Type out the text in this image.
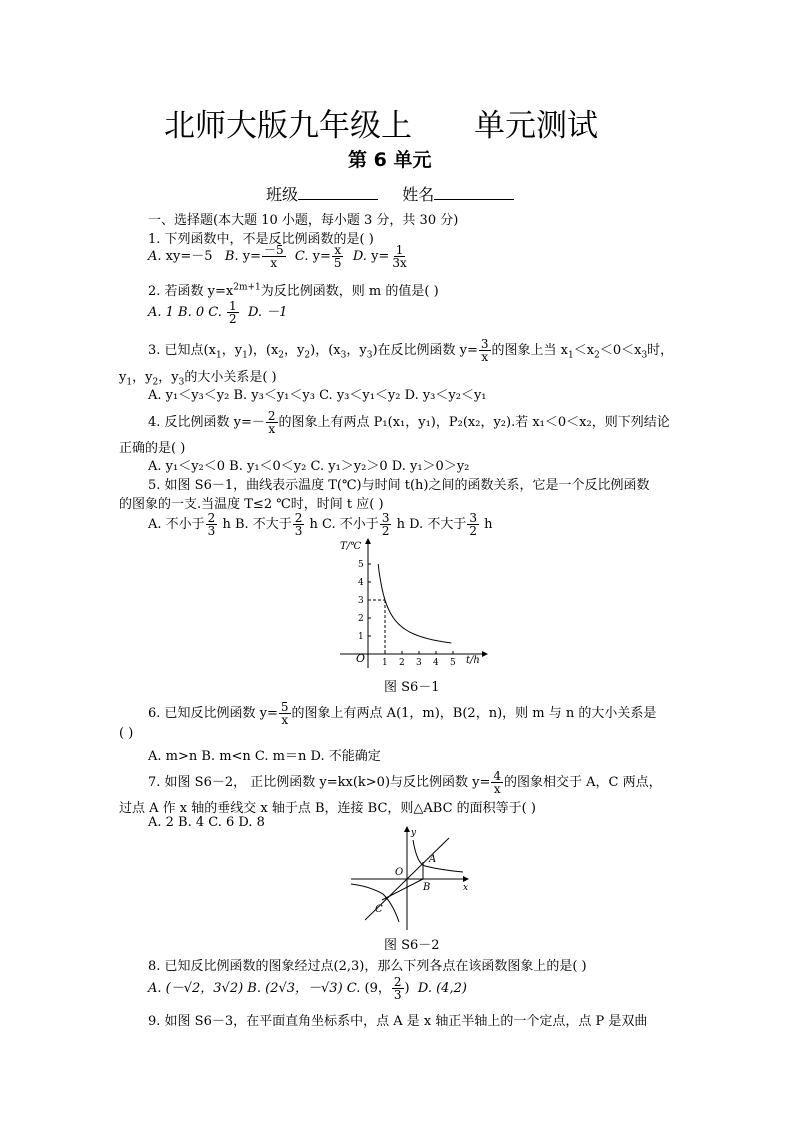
北师大版九年级上 单元测试
第 6 单元
班级	姓名
一、选择题(本大题 10 小题，每小题 3 分，共 30 分)
1. 下列函数中，不是反比例函数的是( )
A. xy=－5 B. $y= \frac{-5}{x} C$. $y= \frac{x}{5} D$. $y= \frac{1}{3x}$
2. 若函数 $y=x^{2m+1}$为反比例函数，则 m 的值是( )
A. 1 B. 0 C. $\frac{1}{2} D$. －1
3. 已知点($x_1$，$y_1$)，($x_2$，$y_2$)，($x_3$，$y_3$)在反比例函数 $y= \frac{3}{x}$ 的图象上当 $x_1<x_2<0<x_3$时，
$y_1$，$y_2$，$y_3$的大小关系是( )
A. y₁＜y₃＜y₂ B. y₃＜y₁＜y₃ C. y₃＜y₁＜y₂ D. y₃＜y₂＜y₁
4. 反比例函数 $y=- \frac{2}{x}$ 的图象上有两点 P₁(x₁，y₁)，P₂(x₂，y₂).若 x₁＜0＜x₂，则下列结论
正确的是( )
A. y₁＜y₂＜0 B. y₁＜0＜y₂ C. y₁＞y₂＞0 D. y₁＞0＞y₂
5. 如图 S6－1，曲线表示温度 T(℃)与时间 t(h)之间的函数关系，它是一个反比例函数
的图象的一支.当温度 T≤2 ℃时，时间 t 应( )
A. 不小于 $\frac{2}{3}$ h B. 不大于 $\frac{2}{3}$ h C. 不小于 $\frac{3}{2}$ h D. 不大于 $\frac{3}{2}$ h
T/℃
t/h
O 1 2 3 4 5
1
2
3
4
5
图 S6－1
6. 已知反比例函数 $y= \frac{5}{x}$ 的图象上有两点 A(1，m)，B(2，n)，则 m 与 n 的大小关系是
( )
A. m>n B. m<n C. m＝n D. 不能确定
7. 如图 S6－2， 正比例函数 y=kx(k>0)与反比例函数 $y= \frac{4}{x}$ 的图象相交于 A，C 两点，
过点 A 作 x 轴的垂线交 x 轴于点 B，连接 BC，则△ABC 的面积等于( )
A. 2 B. 4 C. 6 D. 8
x
y
O
A
B
C
图 S6－2
8. 已知反比例函数的图象经过点(2,3)，那么下列各点在该函数图象上的是( )
A. (－√2，3√2) B. (2√3，－√3) C. (9， $\frac{2}{3}$ ) D. (4,2)
9. 如图 S6－3，在平面直角坐标系中，点 A 是 x 轴正半轴上的一个定点，点 P 是双曲
